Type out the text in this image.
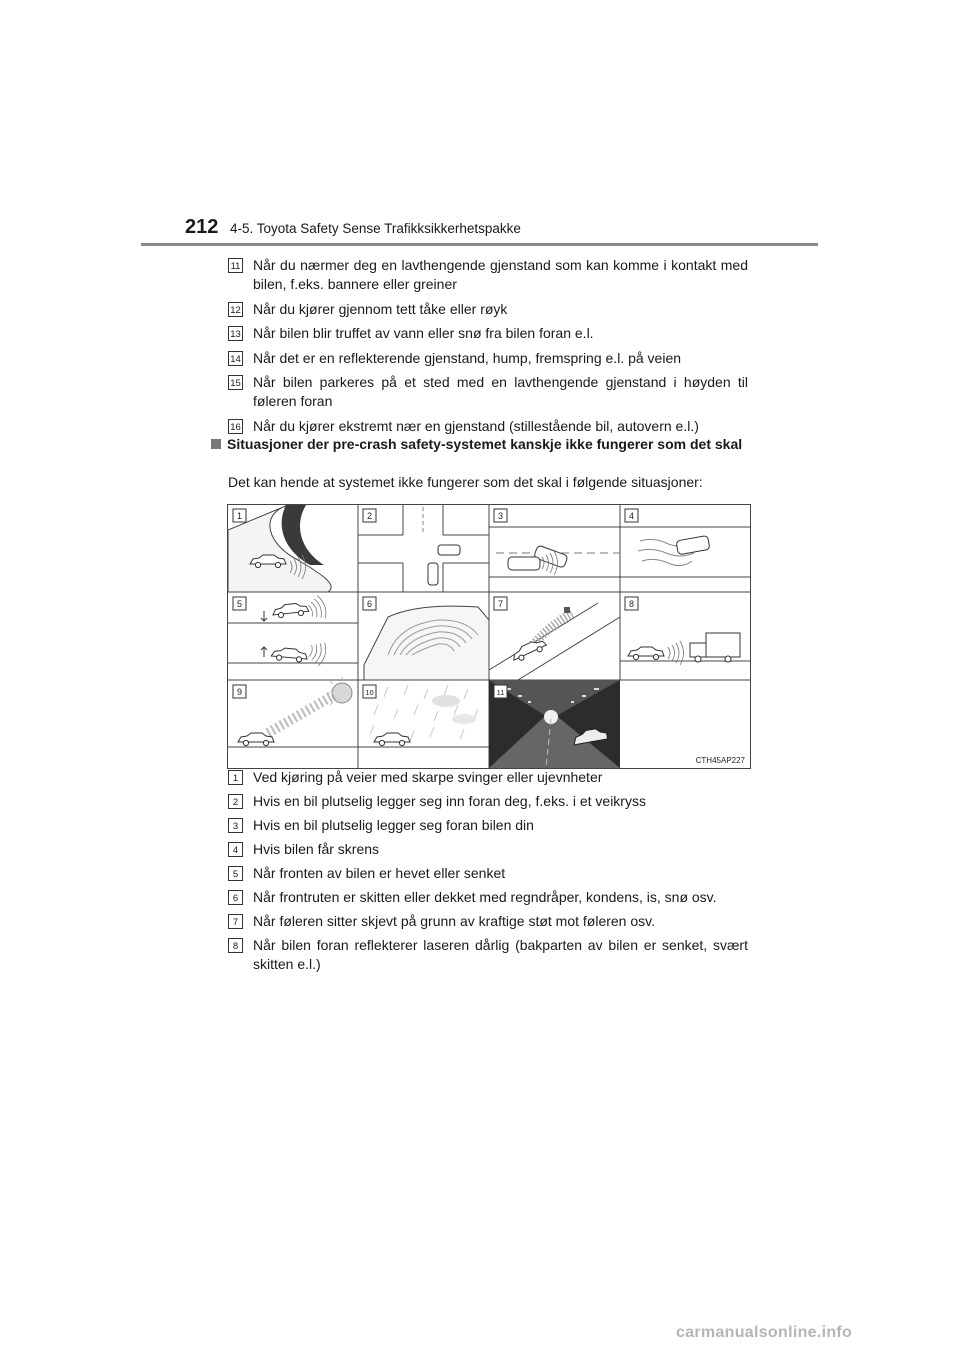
212 4-5. Toyota Safety Sense Trafikksikkerhetspakke
11 Når du nærmer deg en lavthengende gjenstand som kan komme i kontakt med bilen, f.eks. bannere eller greiner
12 Når du kjører gjennom tett tåke eller røyk
13 Når bilen blir truffet av vann eller snø fra bilen foran e.l.
14 Når det er en reflekterende gjenstand, hump, fremspring e.l. på veien
15 Når bilen parkeres på et sted med en lavthengende gjenstand i høyden til føleren foran
16 Når du kjører ekstremt nær en gjenstand (stillestående bil, autovern e.l.)
Situasjoner der pre-crash safety-systemet kanskje ikke fungerer som det skal
Det kan hende at systemet ikke fungerer som det skal i følgende situasjoner:
1	2	3	4
5	6	7	8
9	10	11
CTH45AP227
1	Ved kjøring på veier med skarpe svinger eller ujevnheter
2	Hvis en bil plutselig legger seg inn foran deg, f.eks. i et veikryss
3	Hvis en bil plutselig legger seg foran bilen din
4	Hvis bilen får skrens
5	Når fronten av bilen er hevet eller senket
6	Når frontruten er skitten eller dekket med regndråper, kondens, is, snø osv.
7	Når føleren sitter skjevt på grunn av kraftige støt mot føleren osv.
8	Når bilen foran reflekterer laseren dårlig (bakparten av bilen er senket, svært skitten e.l.)
carmanualsonline.info
